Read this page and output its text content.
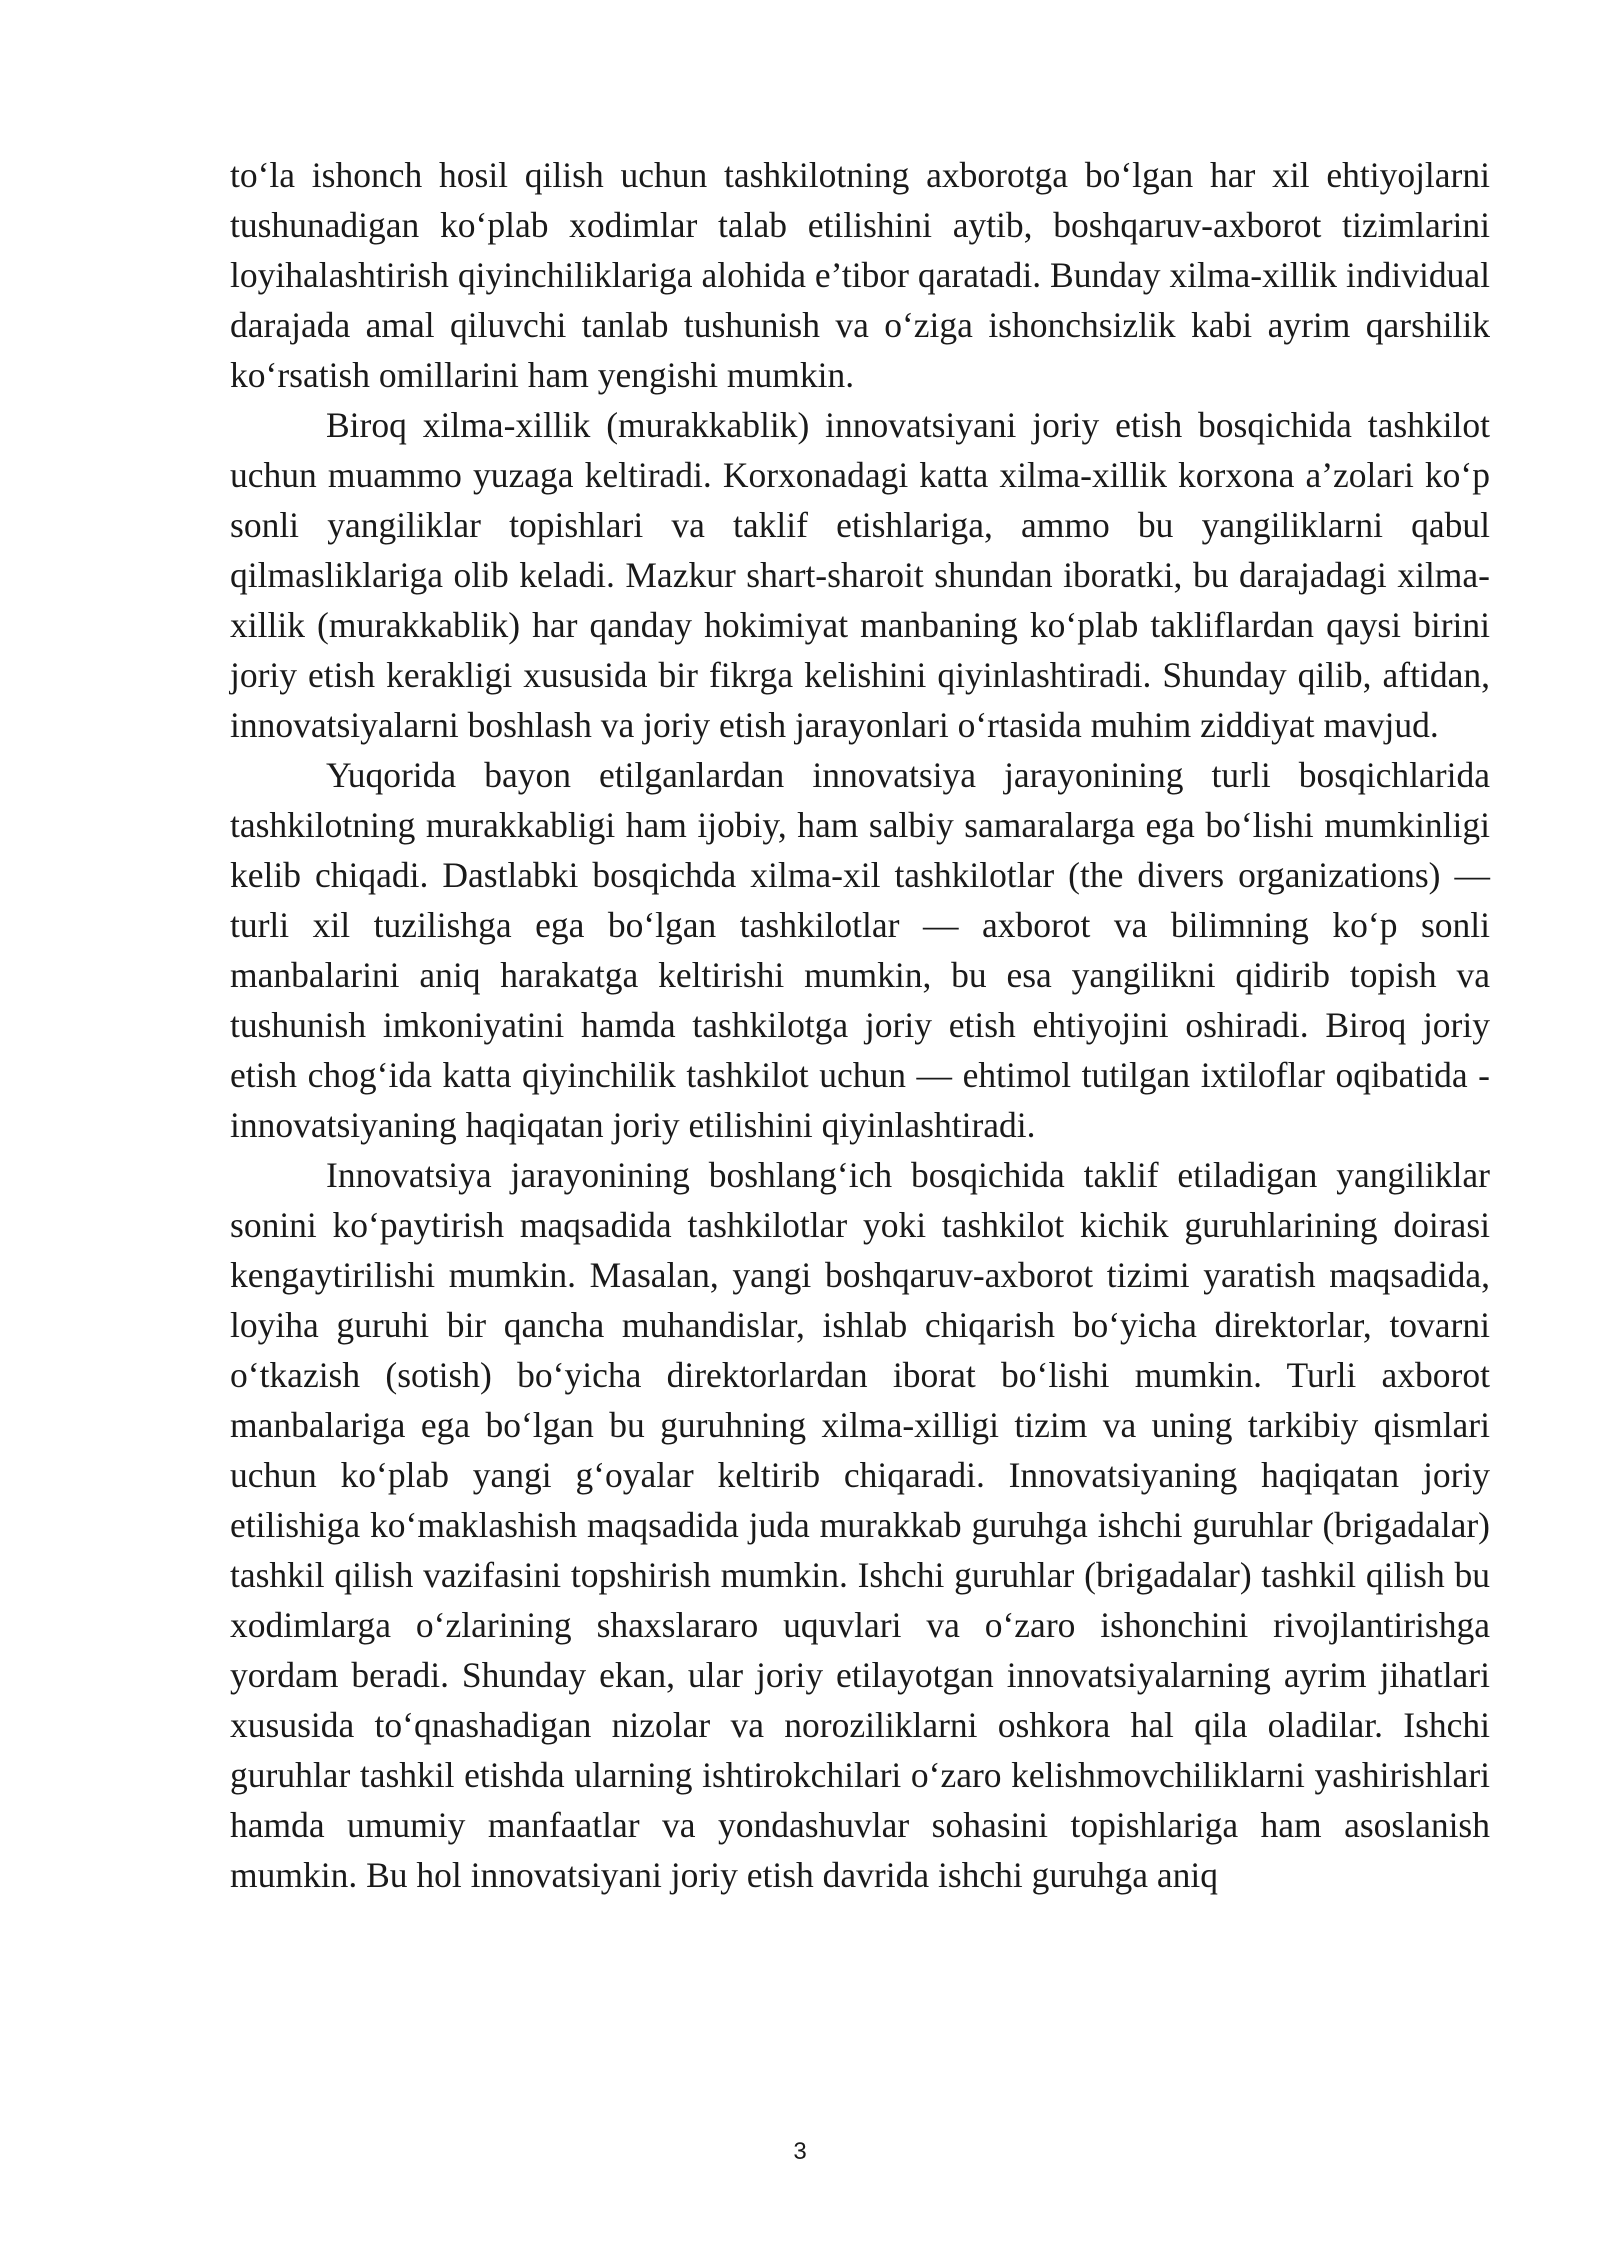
to‘la ishonch hosil qilish uchun tashkilotning axborotga bo‘lgan har xil ehtiyojlarni tushunadigan ko‘plab xodimlar talab etilishini aytib, boshqaruv-axborot tizimlarini loyihalashtirish qiyinchiliklariga alohida e’tibor qaratadi. Bunday xilma-xillik individual darajada amal qiluvchi tanlab tushunish va o‘ziga ishonchsizlik kabi ayrim qarshilik ko‘rsatish omillarini ham yengishi mumkin.

Biroq xilma-xillik (murakkablik) innovatsiyani joriy etish bosqichida tashkilot uchun muammo yuzaga keltiradi. Korxonadagi katta xilma-xillik korxona a’zolari ko‘p sonli yangiliklar topishlari va taklif etishlariga, ammo bu yangiliklarni qabul qilmasliklariga olib keladi. Mazkur shart-sharoit shundan iboratki, bu darajadagi xilma-xillik (murakkablik) har qanday hokimiyat manbaning ko‘plab takliflardan qaysi birini joriy etish kerakligi xususida bir fikrga kelishini qiyinlashtiradi. Shunday qilib, aftidan, innovatsiyalarni boshlash va joriy etish jarayonlari o‘rtasida muhim ziddiyat mavjud.

Yuqorida bayon etilganlardan innovatsiya jarayonining turli bosqichlarida tashkilotning murakkabligi ham ijobiy, ham salbiy samaralarga ega bo‘lishi mumkinligi kelib chiqadi. Dastlabki bosqichda xilma-xil tashkilotlar (the divers organizations) — turli xil tuzilishga ega bo‘lgan tashkilotlar — axborot va bilimning ko‘p sonli manbalarini aniq harakatga keltirishi mumkin, bu esa yangilikni qidirib topish va tushunish imkoniyatini hamda tashkilotga joriy etish ehtiyojini oshiradi. Biroq joriy etish chog‘ida katta qiyinchilik tashkilot uchun — ehtimol tutilgan ixtiloflar oqibatida - innovatsiyaning haqiqatan joriy etilishini qiyinlashtiradi.

Innovatsiya jarayonining boshlang‘ich bosqichida taklif etiladigan yangiliklar sonini ko‘paytirish maqsadida tashkilotlar yoki tashkilot kichik guruhlarining doirasi kengaytirilishi mumkin. Masalan, yangi boshqaruv-axborot tizimi yaratish maqsadida, loyiha guruhi bir qancha muhandislar, ishlab chiqarish bo‘yicha direktorlar, tovarni o‘tkazish (sotish) bo‘yicha direktorlardan iborat bo‘lishi mumkin. Turli axborot manbalariga ega bo‘lgan bu guruhning xilma-xilligi tizim va uning tarkibiy qismlari uchun ko‘plab yangi g‘oyalar keltirib chiqaradi. Innovatsiyaning haqiqatan joriy etilishiga ko‘maklashish maqsadida juda murakkab guruhga ishchi guruhlar (brigadalar) tashkil qilish vazifasini topshirish mumkin. Ishchi guruhlar (brigadalar) tashkil qilish bu xodimlarga o‘zlarining shaxslararo uquvlari va o‘zaro ishonchini rivojlantirishga yordam beradi. Shunday ekan, ular joriy etilayotgan innovatsiyalarning ayrim jihatlari xususida to‘qnashadigan nizolar va noroziliklarni oshkora hal qila oladilar. Ishchi guruhlar tashkil etishda ularning ishtirokchilari o‘zaro kelishmovchiliklarni yashirishlari hamda umumiy manfaatlar va yondashuvlar sohasini topishlariga ham asoslanish mumkin. Bu hol innovatsiyani joriy etish davrida ishchi guruhga aniq

3
